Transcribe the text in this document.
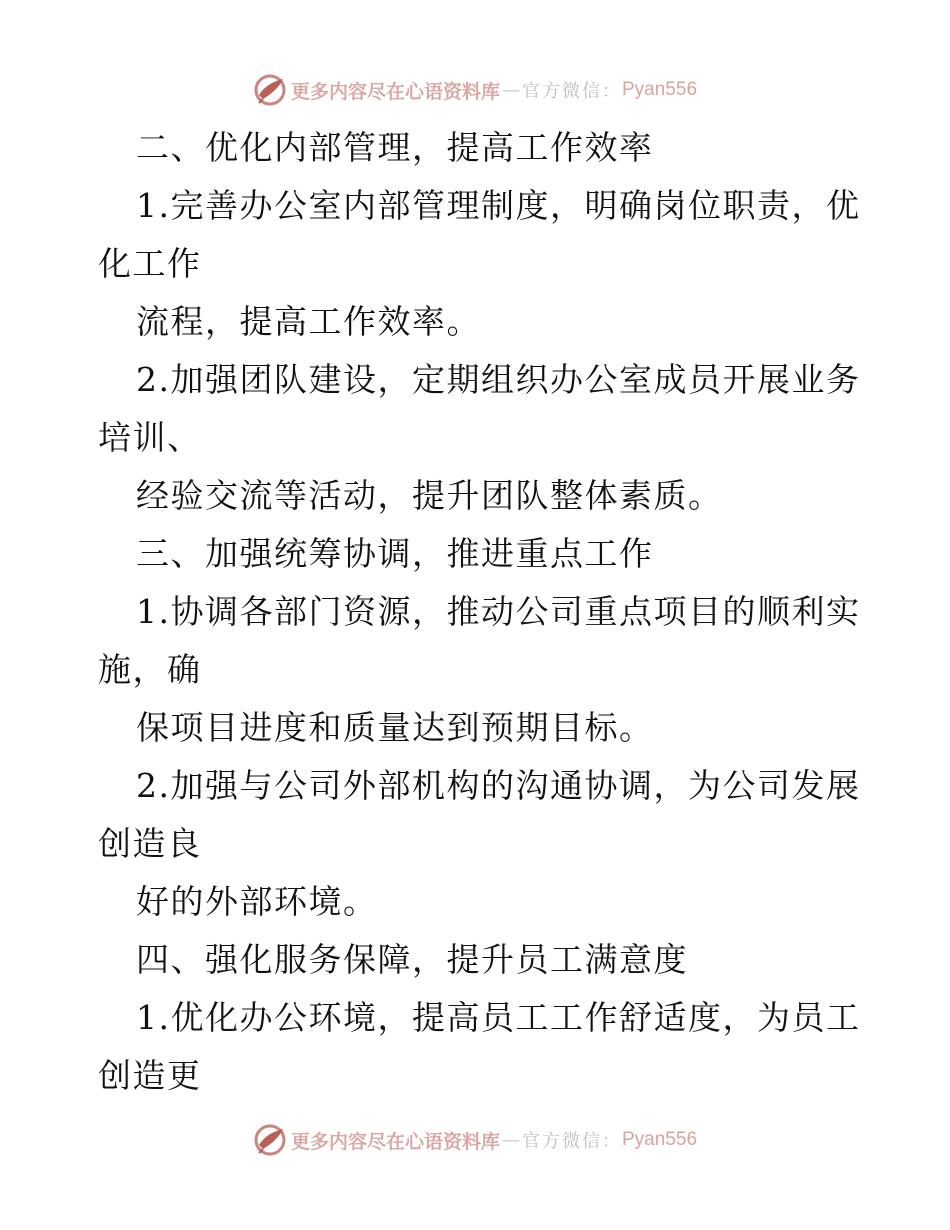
更多内容尽在心语资料库 — 官方微信： Pyan556
二、优化内部管理，提高工作效率
1.完善办公室内部管理制度，明确岗位职责，优
化工作
流程，提高工作效率。
2.加强团队建设，定期组织办公室成员开展业务
培训、
经验交流等活动，提升团队整体素质。
三、加强统筹协调，推进重点工作
1.协调各部门资源，推动公司重点项目的顺利实
施，确
保项目进度和质量达到预期目标。
2.加强与公司外部机构的沟通协调，为公司发展
创造良
好的外部环境。
四、强化服务保障，提升员工满意度
1.优化办公环境，提高员工工作舒适度，为员工
创造更
更多内容尽在心语资料库 — 官方微信： Pyan556
